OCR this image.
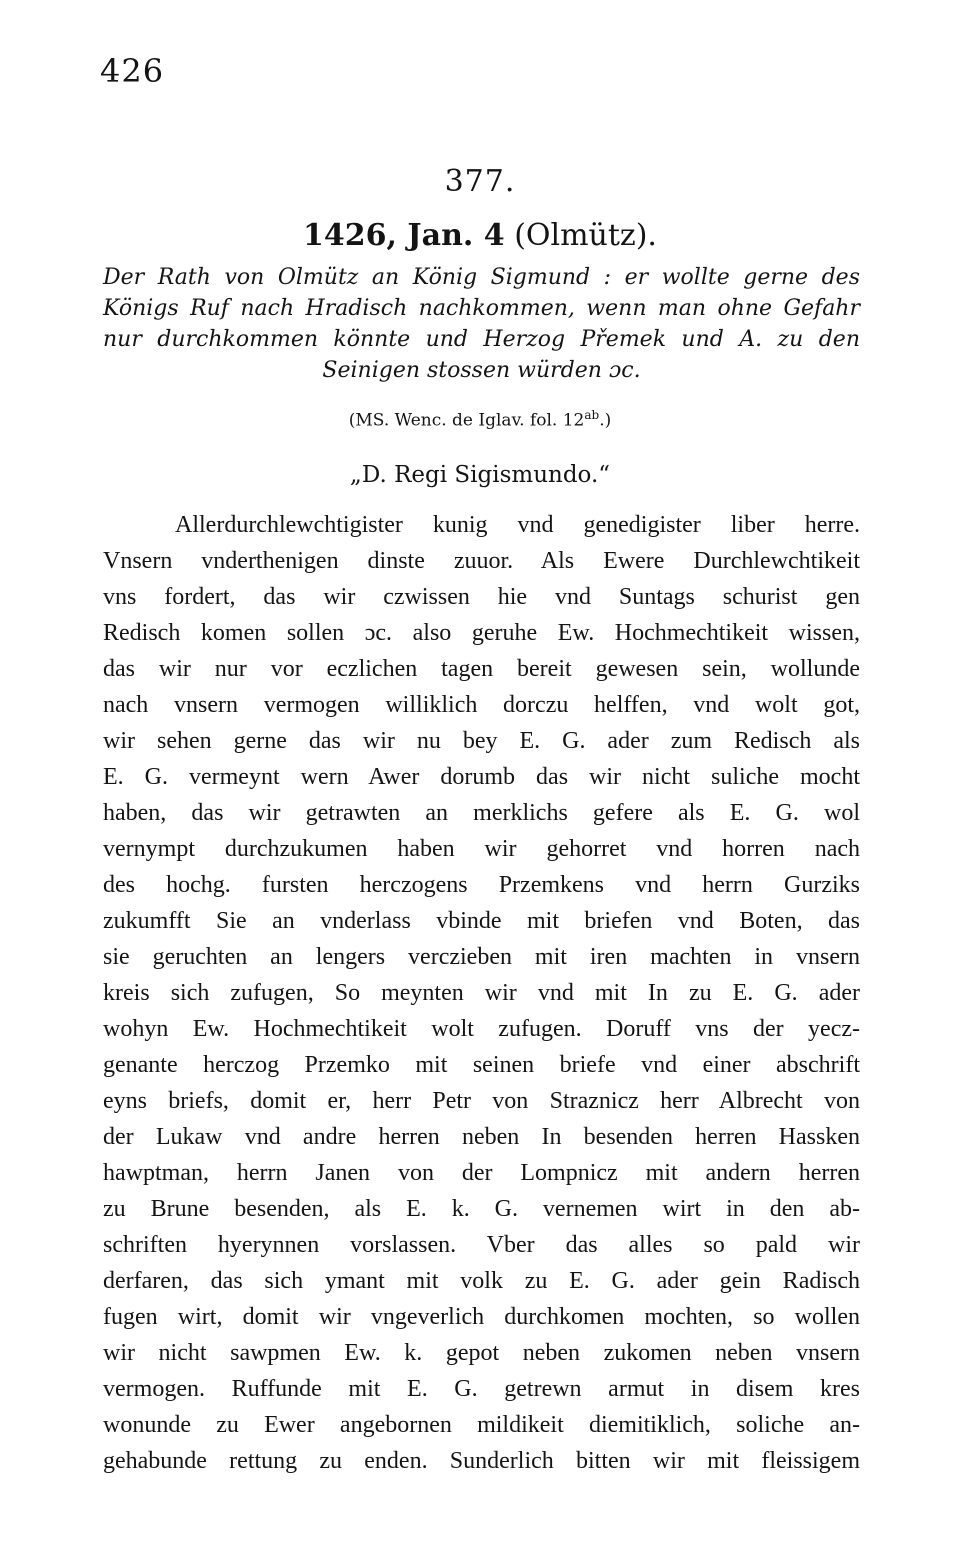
426
377.
1426, Jan. 4 (Olmütz).
Der Rath von Olmütz an König Sigmund : er wollte gerne des Königs Ruf nach Hradisch nachkommen, wenn man ohne Gefahr nur durchkommen könnte und Herzog Přemek und A. zu den Seinigen stossen würden ɔc.
(MS. Wenc. de Iglav. fol. $12^{ab}$.)
„D. Regi Sigismundo.“
Allerdurchlewchtigister kunig vnd genedigister liber herre.
Vnsern vnderthenigen dinste zuuor. Als Ewere Durchlewchtikeit
vns fordert, das wir czwissen hie vnd Suntags schurist gen
Redisch komen sollen ɔc. also geruhe Ew. Hochmechtikeit wissen,
das wir nur vor eczlichen tagen bereit gewesen sein, wollunde
nach vnsern vermogen williklich dorczu helffen, vnd wolt got,
wir sehen gerne das wir nu bey E. G. ader zum Redisch als
E. G. vermeynt wern Awer dorumb das wir nicht suliche mocht
haben, das wir getrawten an merklichs gefere als E. G. wol
vernympt durchzukumen haben wir gehorret vnd horren nach
des hochg. fursten herczogens Przemkens vnd herrn Gurziks
zukumfft Sie an vnderlass vbinde mit briefen vnd Boten, das
sie geruchten an lengers verczieben mit iren machten in vnsern
kreis sich zufugen, So meynten wir vnd mit In zu E. G. ader
wohyn Ew. Hochmechtikeit wolt zufugen. Doruff vns der yecz-
genante herczog Przemko mit seinen briefe vnd einer abschrift
eyns briefs, domit er, herr Petr von Straznicz herr Albrecht von
der Lukaw vnd andre herren neben In besenden herren Hassken
hawptman, herrn Janen von der Lompnicz mit andern herren
zu Brune besenden, als E. k. G. vernemen wirt in den ab-
schriften hyerynnen vorslassen. Vber das alles so pald wir
derfaren, das sich ymant mit volk zu E. G. ader gein Radisch
fugen wirt, domit wir vngeverlich durchkomen mochten, so wollen
wir nicht sawpmen Ew. k. gepot neben zukomen neben vnsern
vermogen. Ruffunde mit E. G. getrewn armut in disem kres
wonunde zu Ewer angebornen mildikeit diemitiklich, soliche an-
gehabunde rettung zu enden. Sunderlich bitten wir mit fleissigem
